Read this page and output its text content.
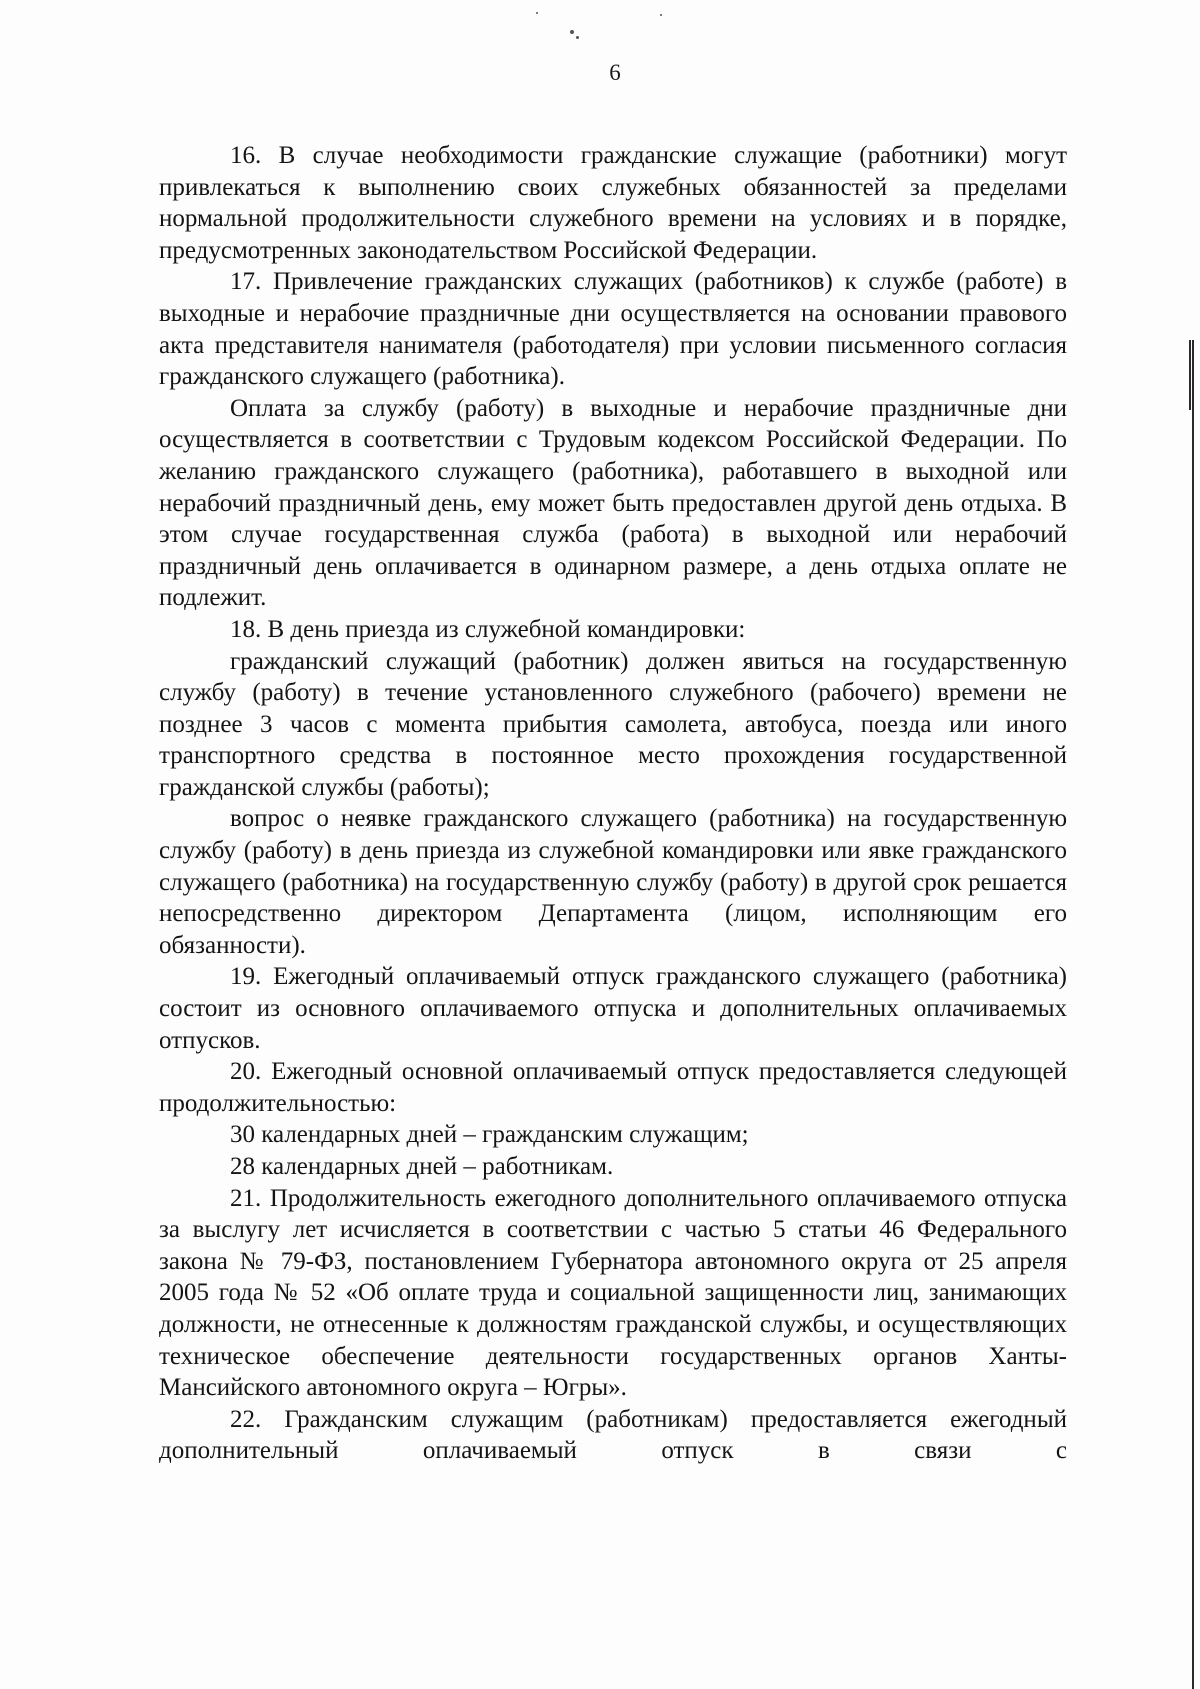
6

16. В случае необходимости гражданские служащие (работники) могут привлекаться к выполнению своих служебных обязанностей за пределами нормальной продолжительности служебного времени на условиях и в порядке, предусмотренных законодательством Российской Федерации.

17. Привлечение гражданских служащих (работников) к службе (работе) в выходные и нерабочие праздничные дни осуществляется на основании правового акта представителя нанимателя (работодателя) при условии письменного согласия гражданского служащего (работника).

Оплата за службу (работу) в выходные и нерабочие праздничные дни осуществляется в соответствии с Трудовым кодексом Российской Федерации. По желанию гражданского служащего (работника), работавшего в выходной или нерабочий праздничный день, ему может быть предоставлен другой день отдыха. В этом случае государственная служба (работа) в выходной или нерабочий праздничный день оплачивается в одинарном размере, а день отдыха оплате не подлежит.

18. В день приезда из служебной командировки:

гражданский служащий (работник) должен явиться на государственную службу (работу) в течение установленного служебного (рабочего) времени не позднее 3 часов с момента прибытия самолета, автобуса, поезда или иного транспортного средства в постоянное место прохождения государственной гражданской службы (работы);

вопрос о неявке гражданского служащего (работника) на государственную службу (работу) в день приезда из служебной командировки или явке гражданского служащего (работника) на государственную службу (работу) в другой срок решается непосредственно директором Департамента (лицом, исполняющим его обязанности).

19. Ежегодный оплачиваемый отпуск гражданского служащего (работника) состоит из основного оплачиваемого отпуска и дополнительных оплачиваемых отпусков.

20. Ежегодный основной оплачиваемый отпуск предоставляется следующей продолжительностью:

30 календарных дней – гражданским служащим;

28 календарных дней – работникам.

21. Продолжительность ежегодного дополнительного оплачиваемого отпуска за выслугу лет исчисляется в соответствии с частью 5 статьи 46 Федерального закона № 79-ФЗ, постановлением Губернатора автономного округа от 25 апреля 2005 года № 52 «Об оплате труда и социальной защищенности лиц, занимающих должности, не отнесенные к должностям гражданской службы, и осуществляющих техническое обеспечение деятельности государственных органов Ханты-Мансийского автономного округа – Югры».

22. Гражданским служащим (работникам) предоставляется ежегодный дополнительный оплачиваемый отпуск в связи с
